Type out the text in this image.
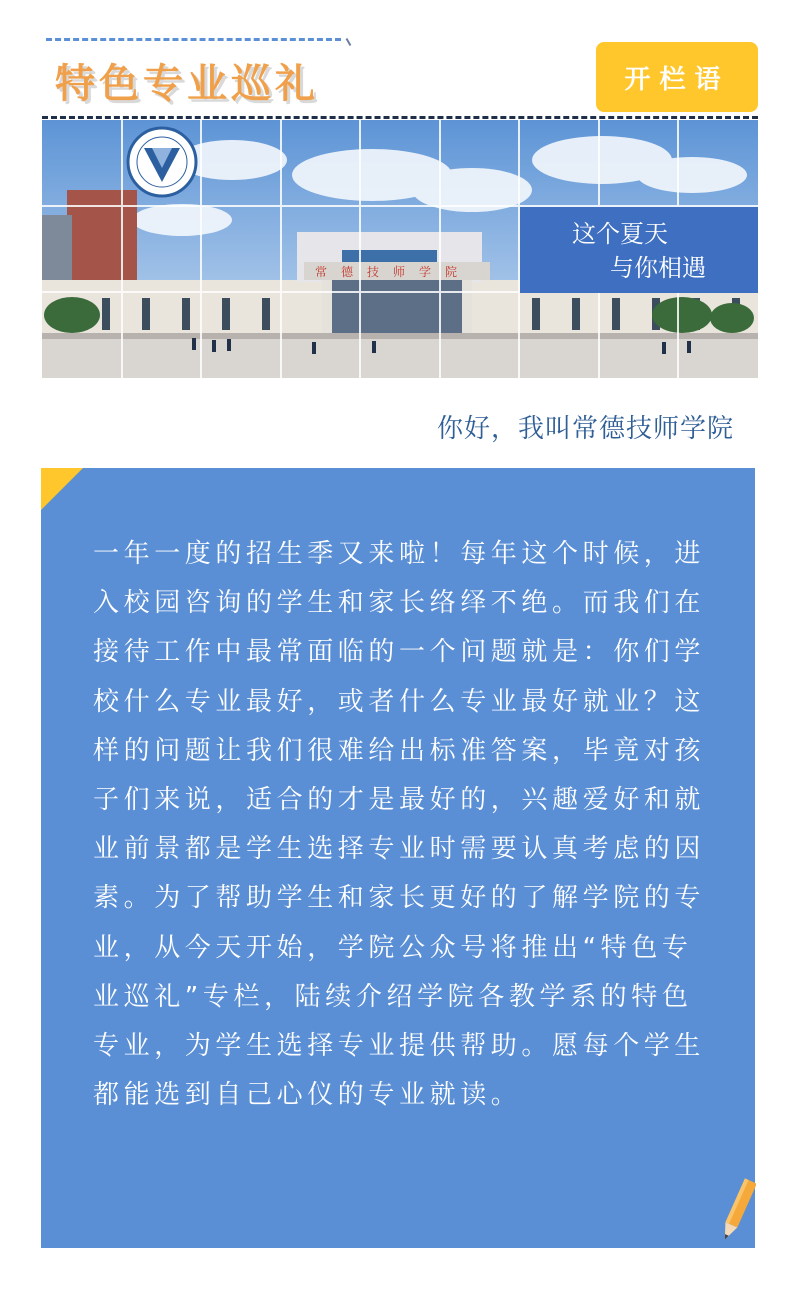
特色专业巡礼	开栏语
这个夏天
与你相遇
常德技师学院
你好，我叫常德技师学院

一年一度的招生季又来啦！每年这个时候，进入校园咨询的学生和家长络绎不绝。而我们在接待工作中最常面临的一个问题就是：你们学校什么专业最好，或者什么专业最好就业？这样的问题让我们很难给出标准答案，毕竟对孩子们来说，适合的才是最好的，兴趣爱好和就业前景都是学生选择专业时需要认真考虑的因素。为了帮助学生和家长更好的了解学院的专业，从今天开始，学院公众号将推出“特色专业巡礼”专栏，陆续介绍学院各教学系的特色专业，为学生选择专业提供帮助。愿每个学生都能选到自己心仪的专业就读。
